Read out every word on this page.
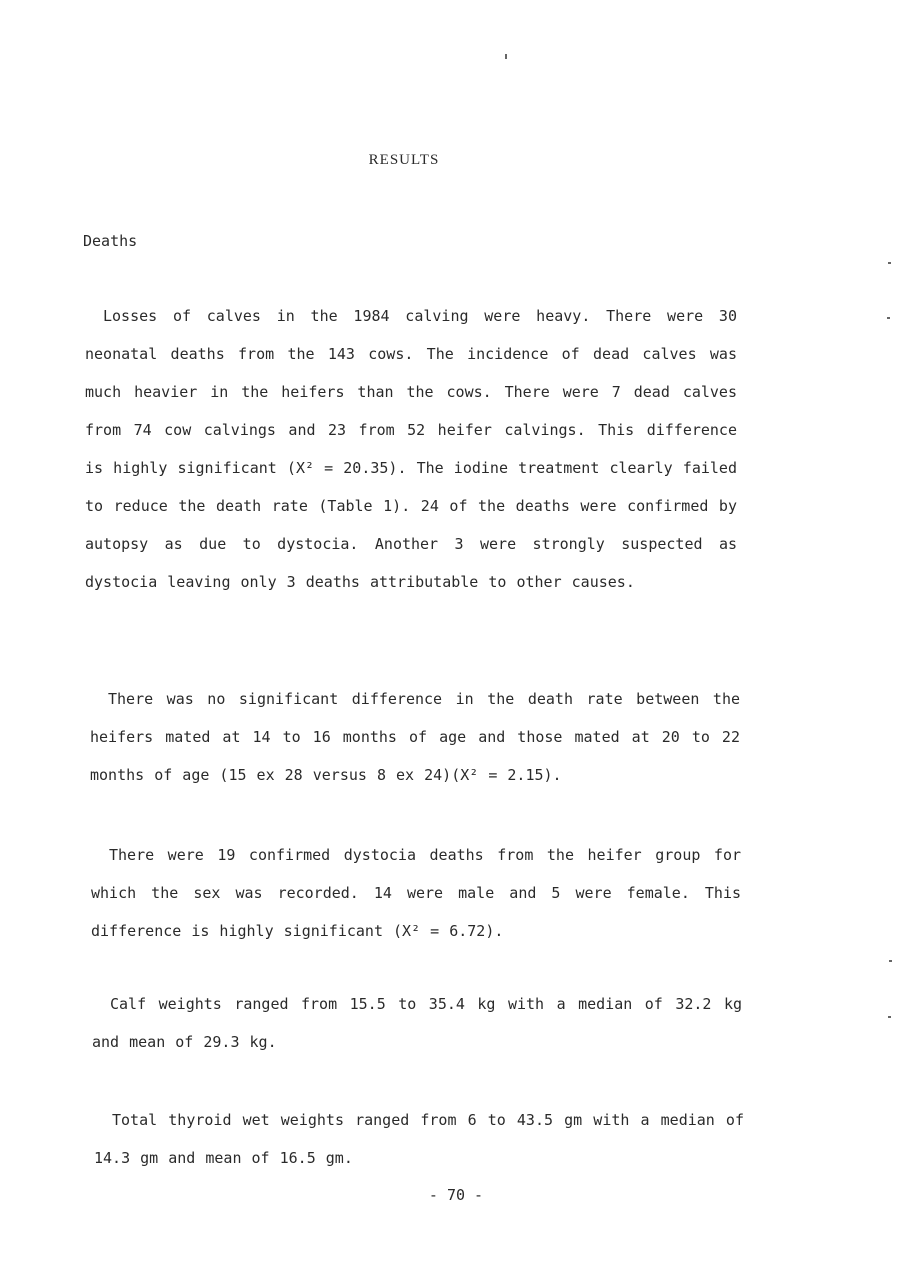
RESULTS
Deaths
Losses of calves in the 1984 calving were heavy. There were 30 neonatal deaths from the 143 cows. The incidence of dead calves was much heavier in the heifers than the cows. There were 7 dead calves from 74 cow calvings and 23 from 52 heifer calvings. This difference is highly significant (X² = 20.35). The iodine treatment clearly failed to reduce the death rate (Table 1). 24 of the deaths were confirmed by autopsy as due to dystocia. Another 3 were strongly suspected as dystocia leaving only 3 deaths attributable to other causes.
There was no significant difference in the death rate between the heifers mated at 14 to 16 months of age and those mated at 20 to 22 months of age (15 ex 28 versus 8 ex 24)(X² = 2.15).
There were 19 confirmed dystocia deaths from the heifer group for which the sex was recorded. 14 were male and 5 were female. This difference is highly significant (X² = 6.72).
Calf weights ranged from 15.5 to 35.4 kg with a median of 32.2 kg and mean of 29.3 kg.
Total thyroid wet weights ranged from 6 to 43.5 gm with a median of 14.3 gm and mean of 16.5 gm.
- 70 -
